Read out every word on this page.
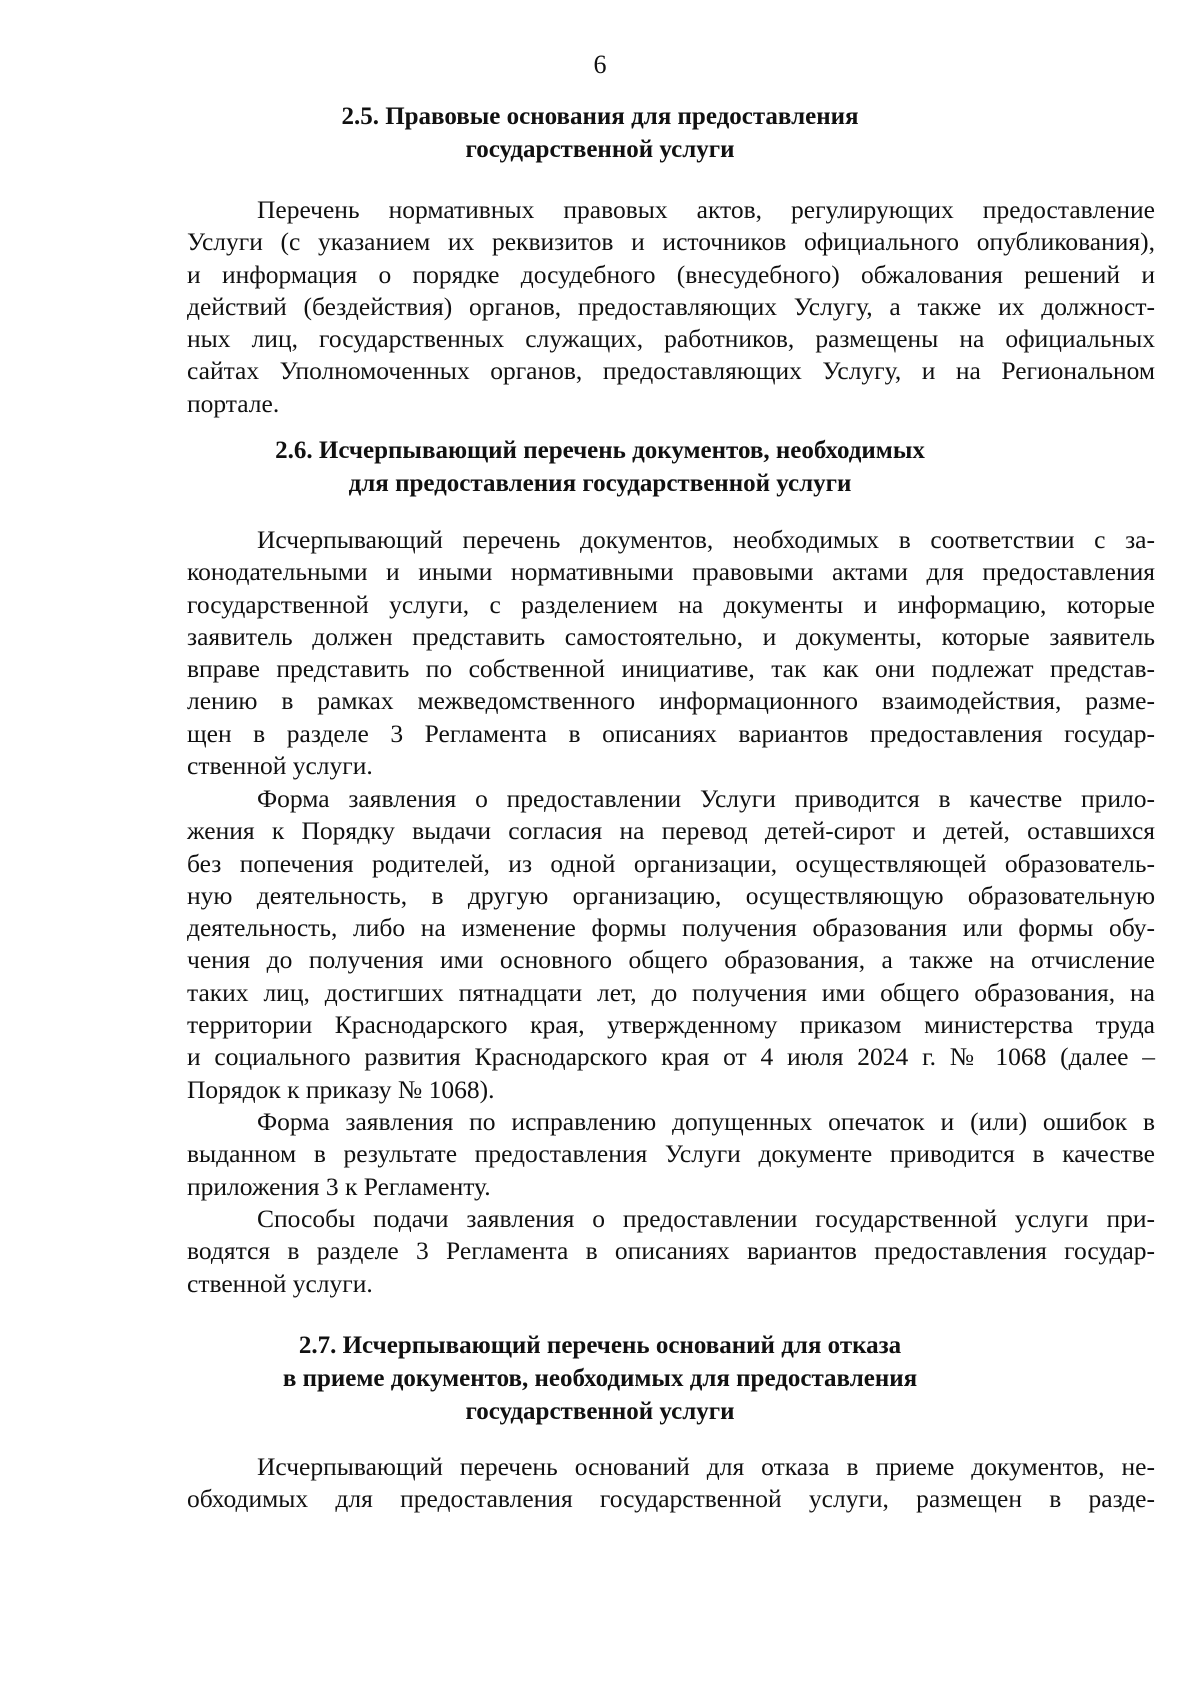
6
2.5. Правовые основания для предоставления
государственной услуги
Перечень нормативных правовых актов, регулирующих предоставление
Услуги (с указанием их реквизитов и источников официального опубликования),
и информация о порядке досудебного (внесудебного) обжалования решений и
действий (бездействия) органов, предоставляющих Услугу, а также их должност-
ных лиц, государственных служащих, работников, размещены на официальных
сайтах Уполномоченных органов, предоставляющих Услугу, и на Региональном
портале.
2.6. Исчерпывающий перечень документов, необходимых
для предоставления государственной услуги
Исчерпывающий перечень документов, необходимых в соответствии с за-
конодательными и иными нормативными правовыми актами для предоставления
государственной услуги, с разделением на документы и информацию, которые
заявитель должен представить самостоятельно, и документы, которые заявитель
вправе представить по собственной инициативе, так как они подлежат представ-
лению в рамках межведомственного информационного взаимодействия, разме-
щен в разделе 3 Регламента в описаниях вариантов предоставления государ-
ственной услуги.
Форма заявления о предоставлении Услуги приводится в качестве прило-
жения к Порядку выдачи согласия на перевод детей-сирот и детей, оставшихся
без попечения родителей, из одной организации, осуществляющей образователь-
ную деятельность, в другую организацию, осуществляющую образовательную
деятельность, либо на изменение формы получения образования или формы обу-
чения до получения ими основного общего образования, а также на отчисление
таких лиц, достигших пятнадцати лет, до получения ими общего образования, на
территории Краснодарского края, утвержденному приказом министерства труда
и социального развития Краснодарского края от 4 июля 2024 г. № 1068 (далее –
Порядок к приказу № 1068).
Форма заявления по исправлению допущенных опечаток и (или) ошибок в
выданном в результате предоставления Услуги документе приводится в качестве
приложения 3 к Регламенту.
Способы подачи заявления о предоставлении государственной услуги при-
водятся в разделе 3 Регламента в описаниях вариантов предоставления государ-
ственной услуги.
2.7. Исчерпывающий перечень оснований для отказа
в приеме документов, необходимых для предоставления
государственной услуги
Исчерпывающий перечень оснований для отказа в приеме документов, не-
обходимых для предоставления государственной услуги, размещен в разде-
